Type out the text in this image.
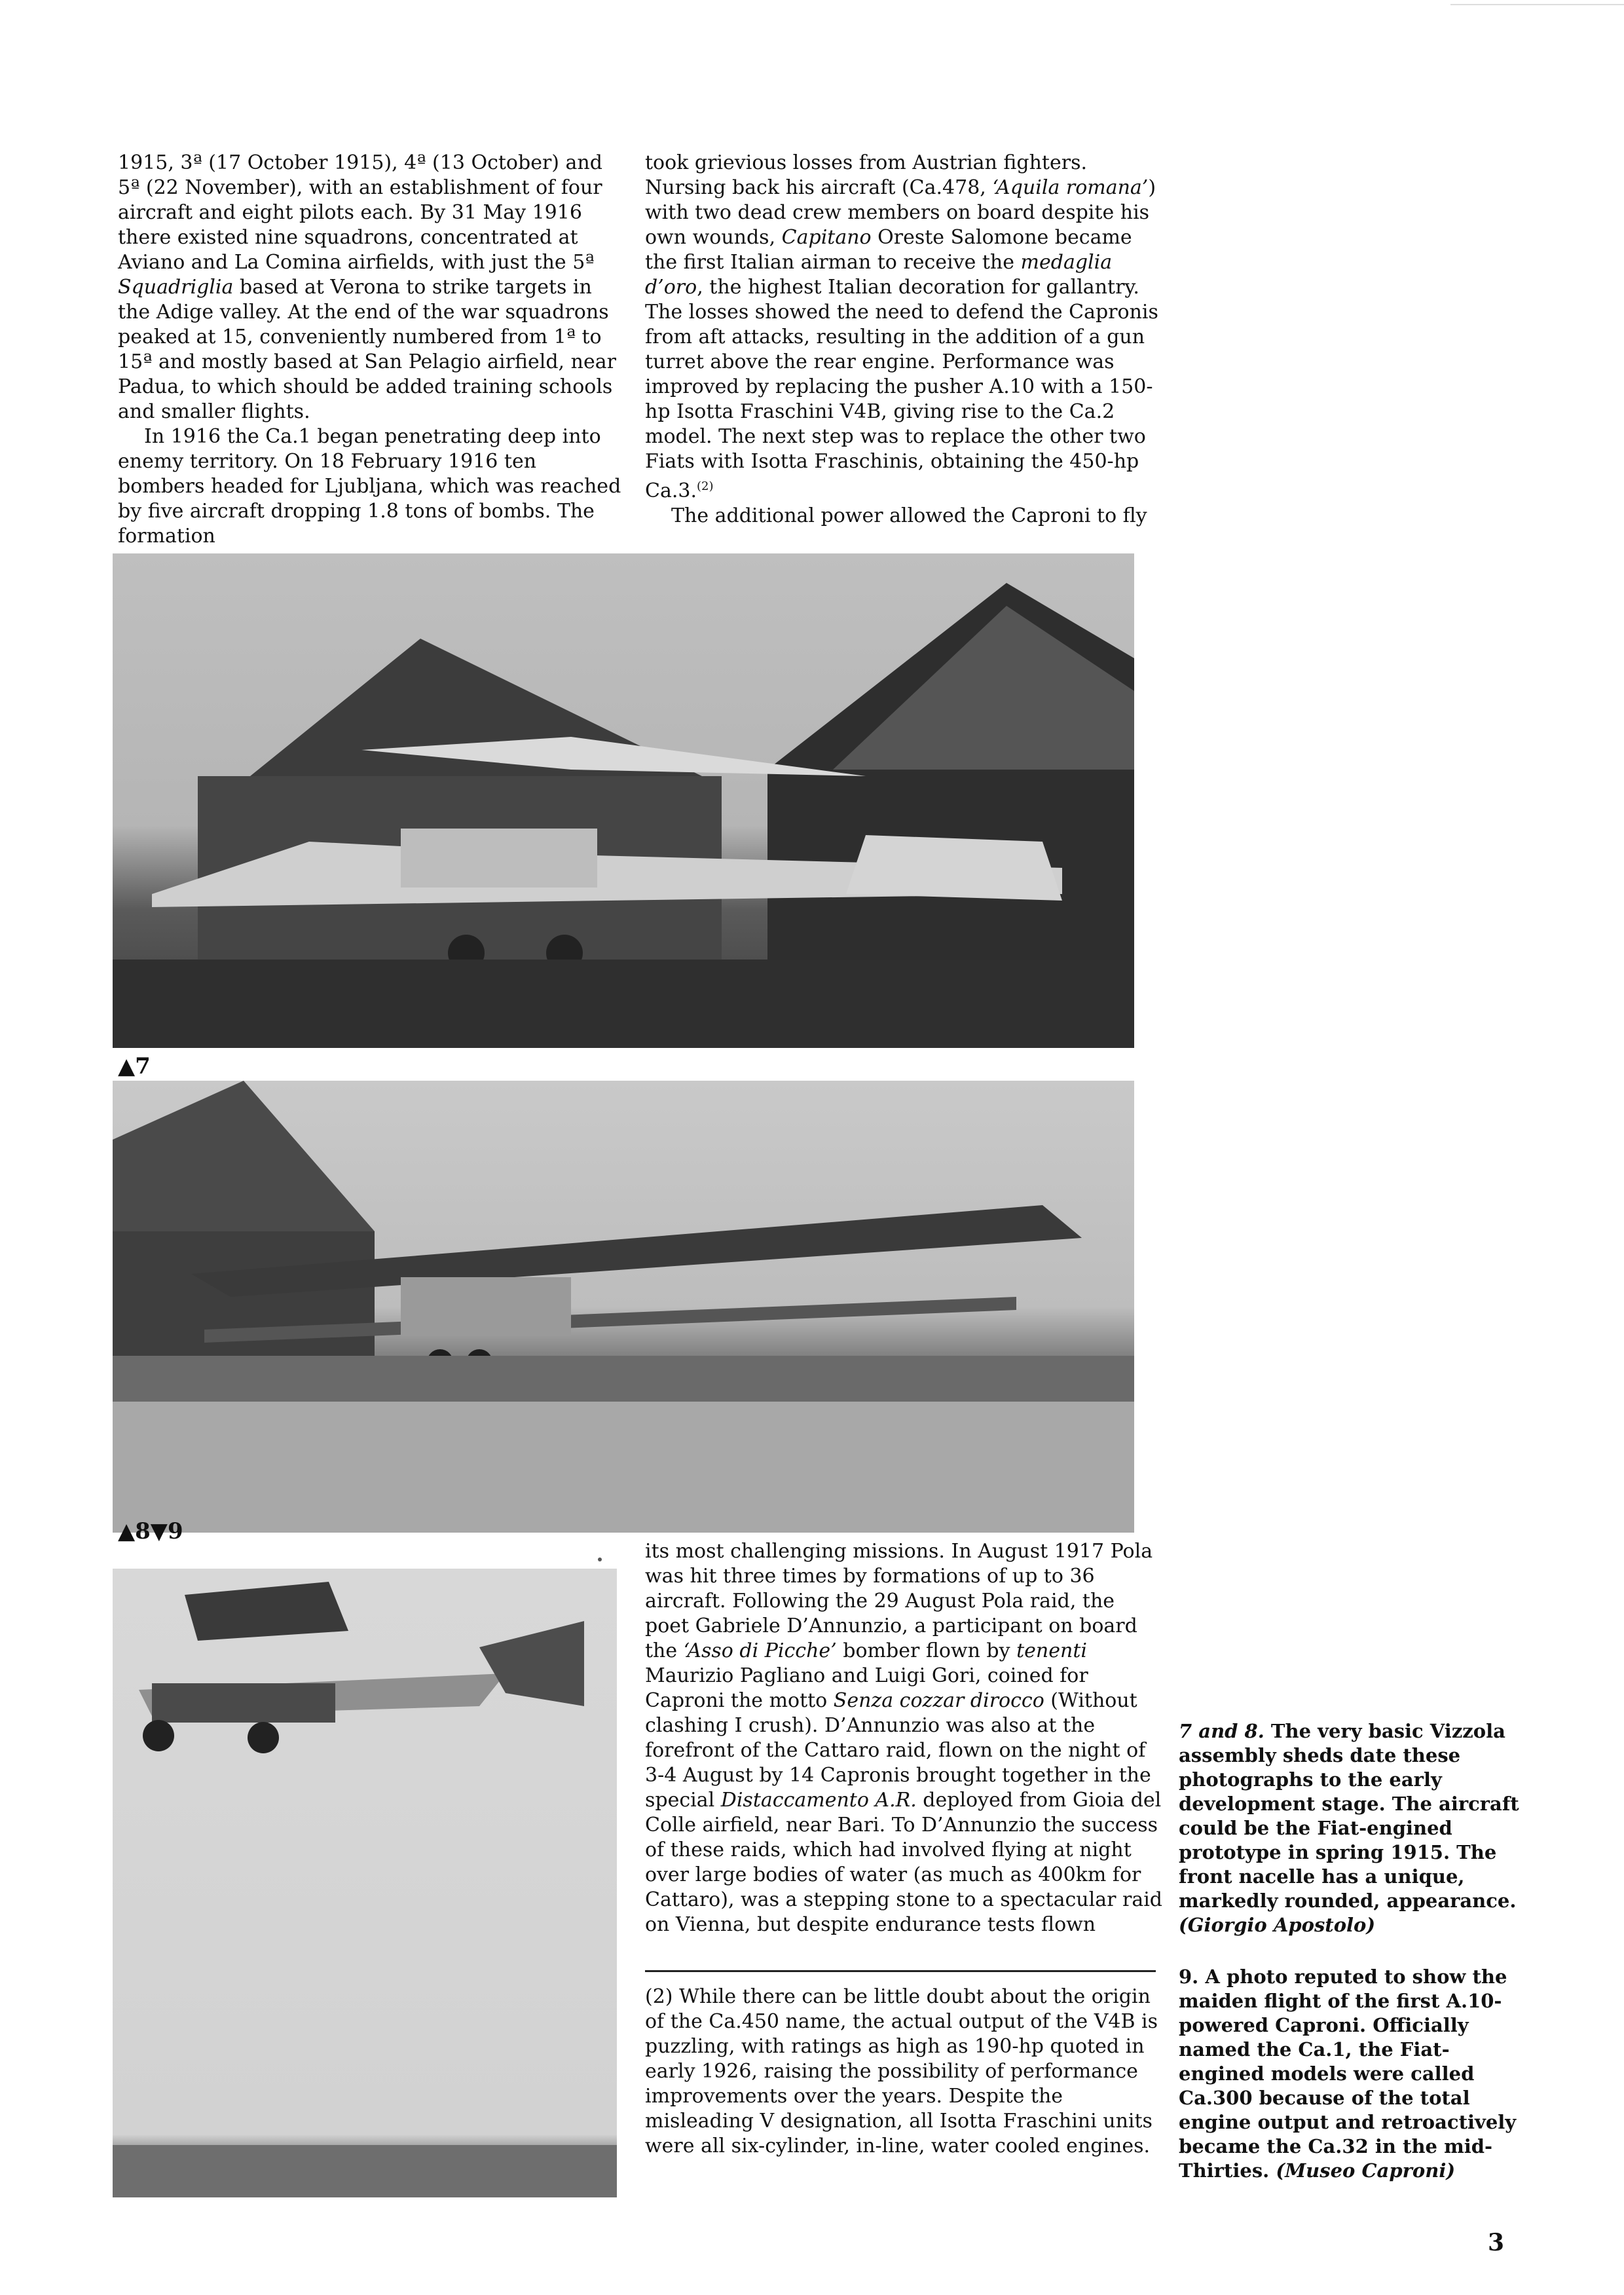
1915, 3ª (17 October 1915), 4ª (13 October) and 5ª (22 November), with an establishment of four aircraft and eight pilots each. By 31 May 1916 there existed nine squadrons, concentrated at Aviano and La Comina airfields, with just the 5ª Squadriglia based at Verona to strike targets in the Adige valley. At the end of the war squadrons peaked at 15, conveniently numbered from 1ª to 15ª and mostly based at San Pelagio airfield, near Padua, to which should be added training schools and smaller flights.

In 1916 the Ca.1 began penetrating deep into enemy territory. On 18 February 1916 ten bombers headed for Ljubljana, which was reached by five aircraft dropping 1.8 tons of bombs. The formation

took grievious losses from Austrian fighters. Nursing back his aircraft (Ca.478, ‘Aquila romana’) with two dead crew members on board despite his own wounds, Capitano Oreste Salomone became the first Italian airman to receive the medaglia d’oro, the highest Italian decoration for gallantry. The losses showed the need to defend the Capronis from aft attacks, resulting in the addition of a gun turret above the rear engine. Performance was improved by replacing the pusher A.10 with a 150-hp Isotta Fraschini V4B, giving rise to the Ca.2 model. The next step was to replace the other two Fiats with Isotta Fraschinis, obtaining the 450-hp Ca.3.$^{(2)}$

The additional power allowed the Caproni to fly

▲7
▲8▼9

its most challenging missions. In August 1917 Pola was hit three times by formations of up to 36 aircraft. Following the 29 August Pola raid, the poet Gabriele D’Annunzio, a participant on board the ‘Asso di Picche’ bomber flown by tenenti Maurizio Pagliano and Luigi Gori, coined for Caproni the motto Senza cozzar dirocco (Without clashing I crush). D’Annunzio was also at the forefront of the Cattaro raid, flown on the night of 3-4 August by 14 Capronis brought together in the special Distaccamento A.R. deployed from Gioia del Colle airfield, near Bari. To D’Annunzio the success of these raids, which had involved flying at night over large bodies of water (as much as 400km for Cattaro), was a stepping stone to a spectacular raid on Vienna, but despite endurance tests flown

(2) While there can be little doubt about the origin of the Ca.450 name, the actual output of the V4B is puzzling, with ratings as high as 190-hp quoted in early 1926, raising the possibility of performance improvements over the years. Despite the misleading V designation, all Isotta Fraschini units were all six-cylinder, in-line, water cooled engines.

7 and 8. The very basic Vizzola assembly sheds date these photographs to the early development stage. The aircraft could be the Fiat-engined prototype in spring 1915. The front nacelle has a unique, markedly rounded, appearance. (Giorgio Apostolo)
9. A photo reputed to show the maiden flight of the first A.10-powered Caproni. Officially named the Ca.1, the Fiat-engined models were called Ca.300 because of the total engine output and retroactively became the Ca.32 in the mid-Thirties. (Museo Caproni)
3
